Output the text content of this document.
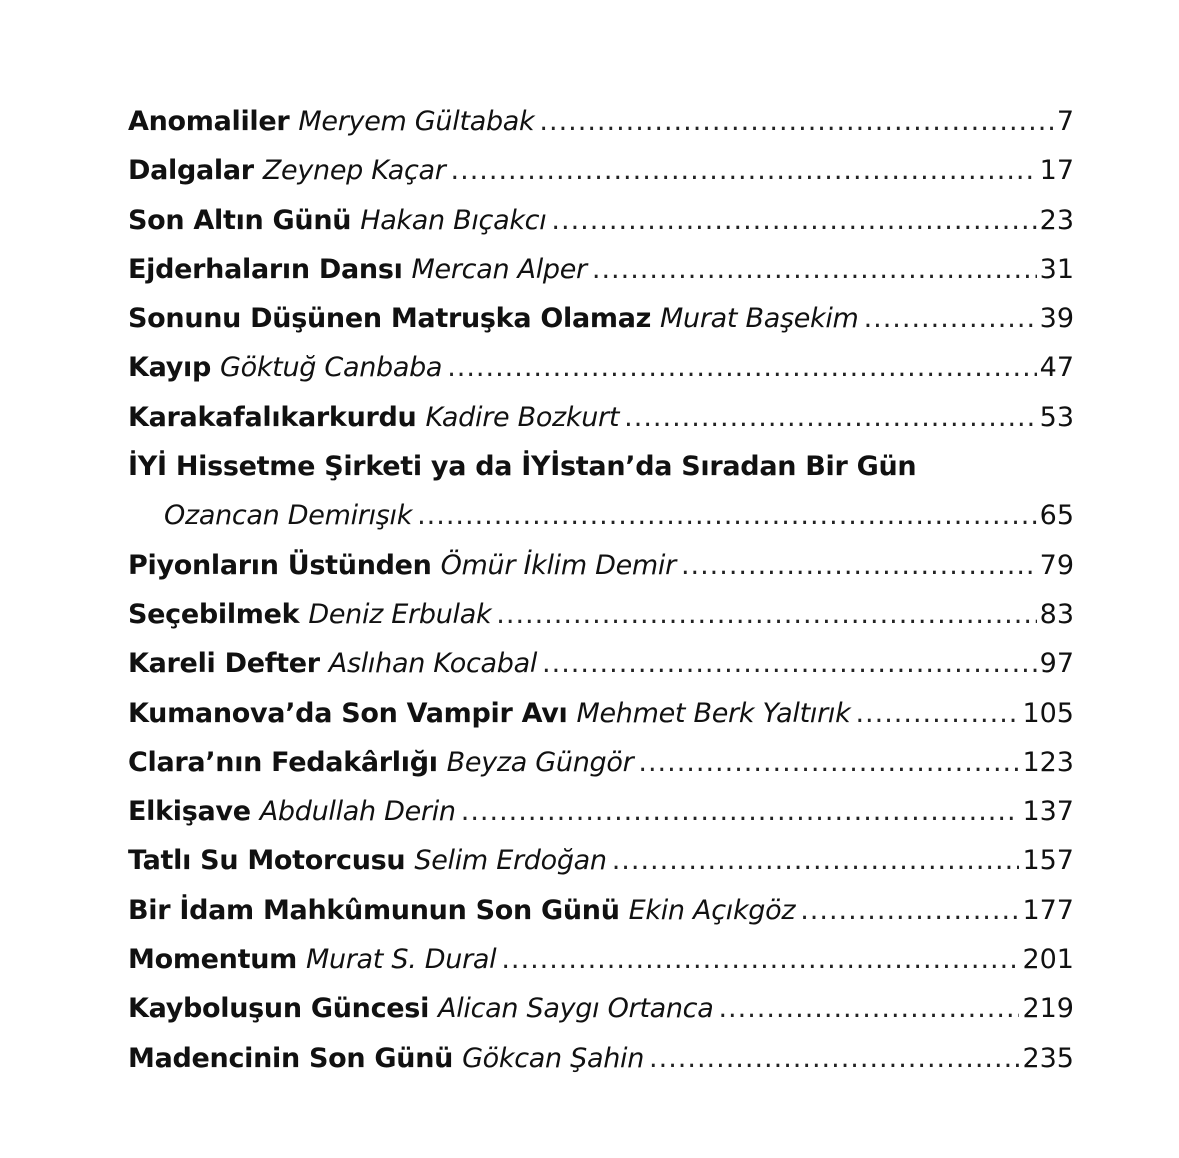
Anomaliler Meryem Gültabak .....	7
Dalgalar Zeynep Kaçar .....	17
Son Altın Günü Hakan Bıçakcı .....	23
Ejderhaların Dansı Mercan Alper .....	31
Sonunu Düşünen Matruşka Olamaz Murat Başekim .....	39
Kayıp Göktuğ Canbaba .....	47
Karakafalıkarkurdu Kadire Bozkurt .....	53
İYİ Hissetme Şirketi ya da İYİstan’da Sıradan Bir Gün
Ozancan Demirışık .....	65
Piyonların Üstünden Ömür İklim Demir .....	79
Seçebilmek Deniz Erbulak .....	83
Kareli Defter Aslıhan Kocabal .....	97
Kumanova’da Son Vampir Avı Mehmet Berk Yaltırık .....	105
Clara’nın Fedakârlığı Beyza Güngör .....	123
Elkişave Abdullah Derin .....	137
Tatlı Su Motorcusu Selim Erdoğan .....	157
Bir İdam Mahkûmunun Son Günü Ekin Açıkgöz .....	177
Momentum Murat S. Dural .....	201
Kayboluşun Güncesi Alican Saygı Ortanca .....	219
Madencinin Son Günü Gökcan Şahin .....	235
